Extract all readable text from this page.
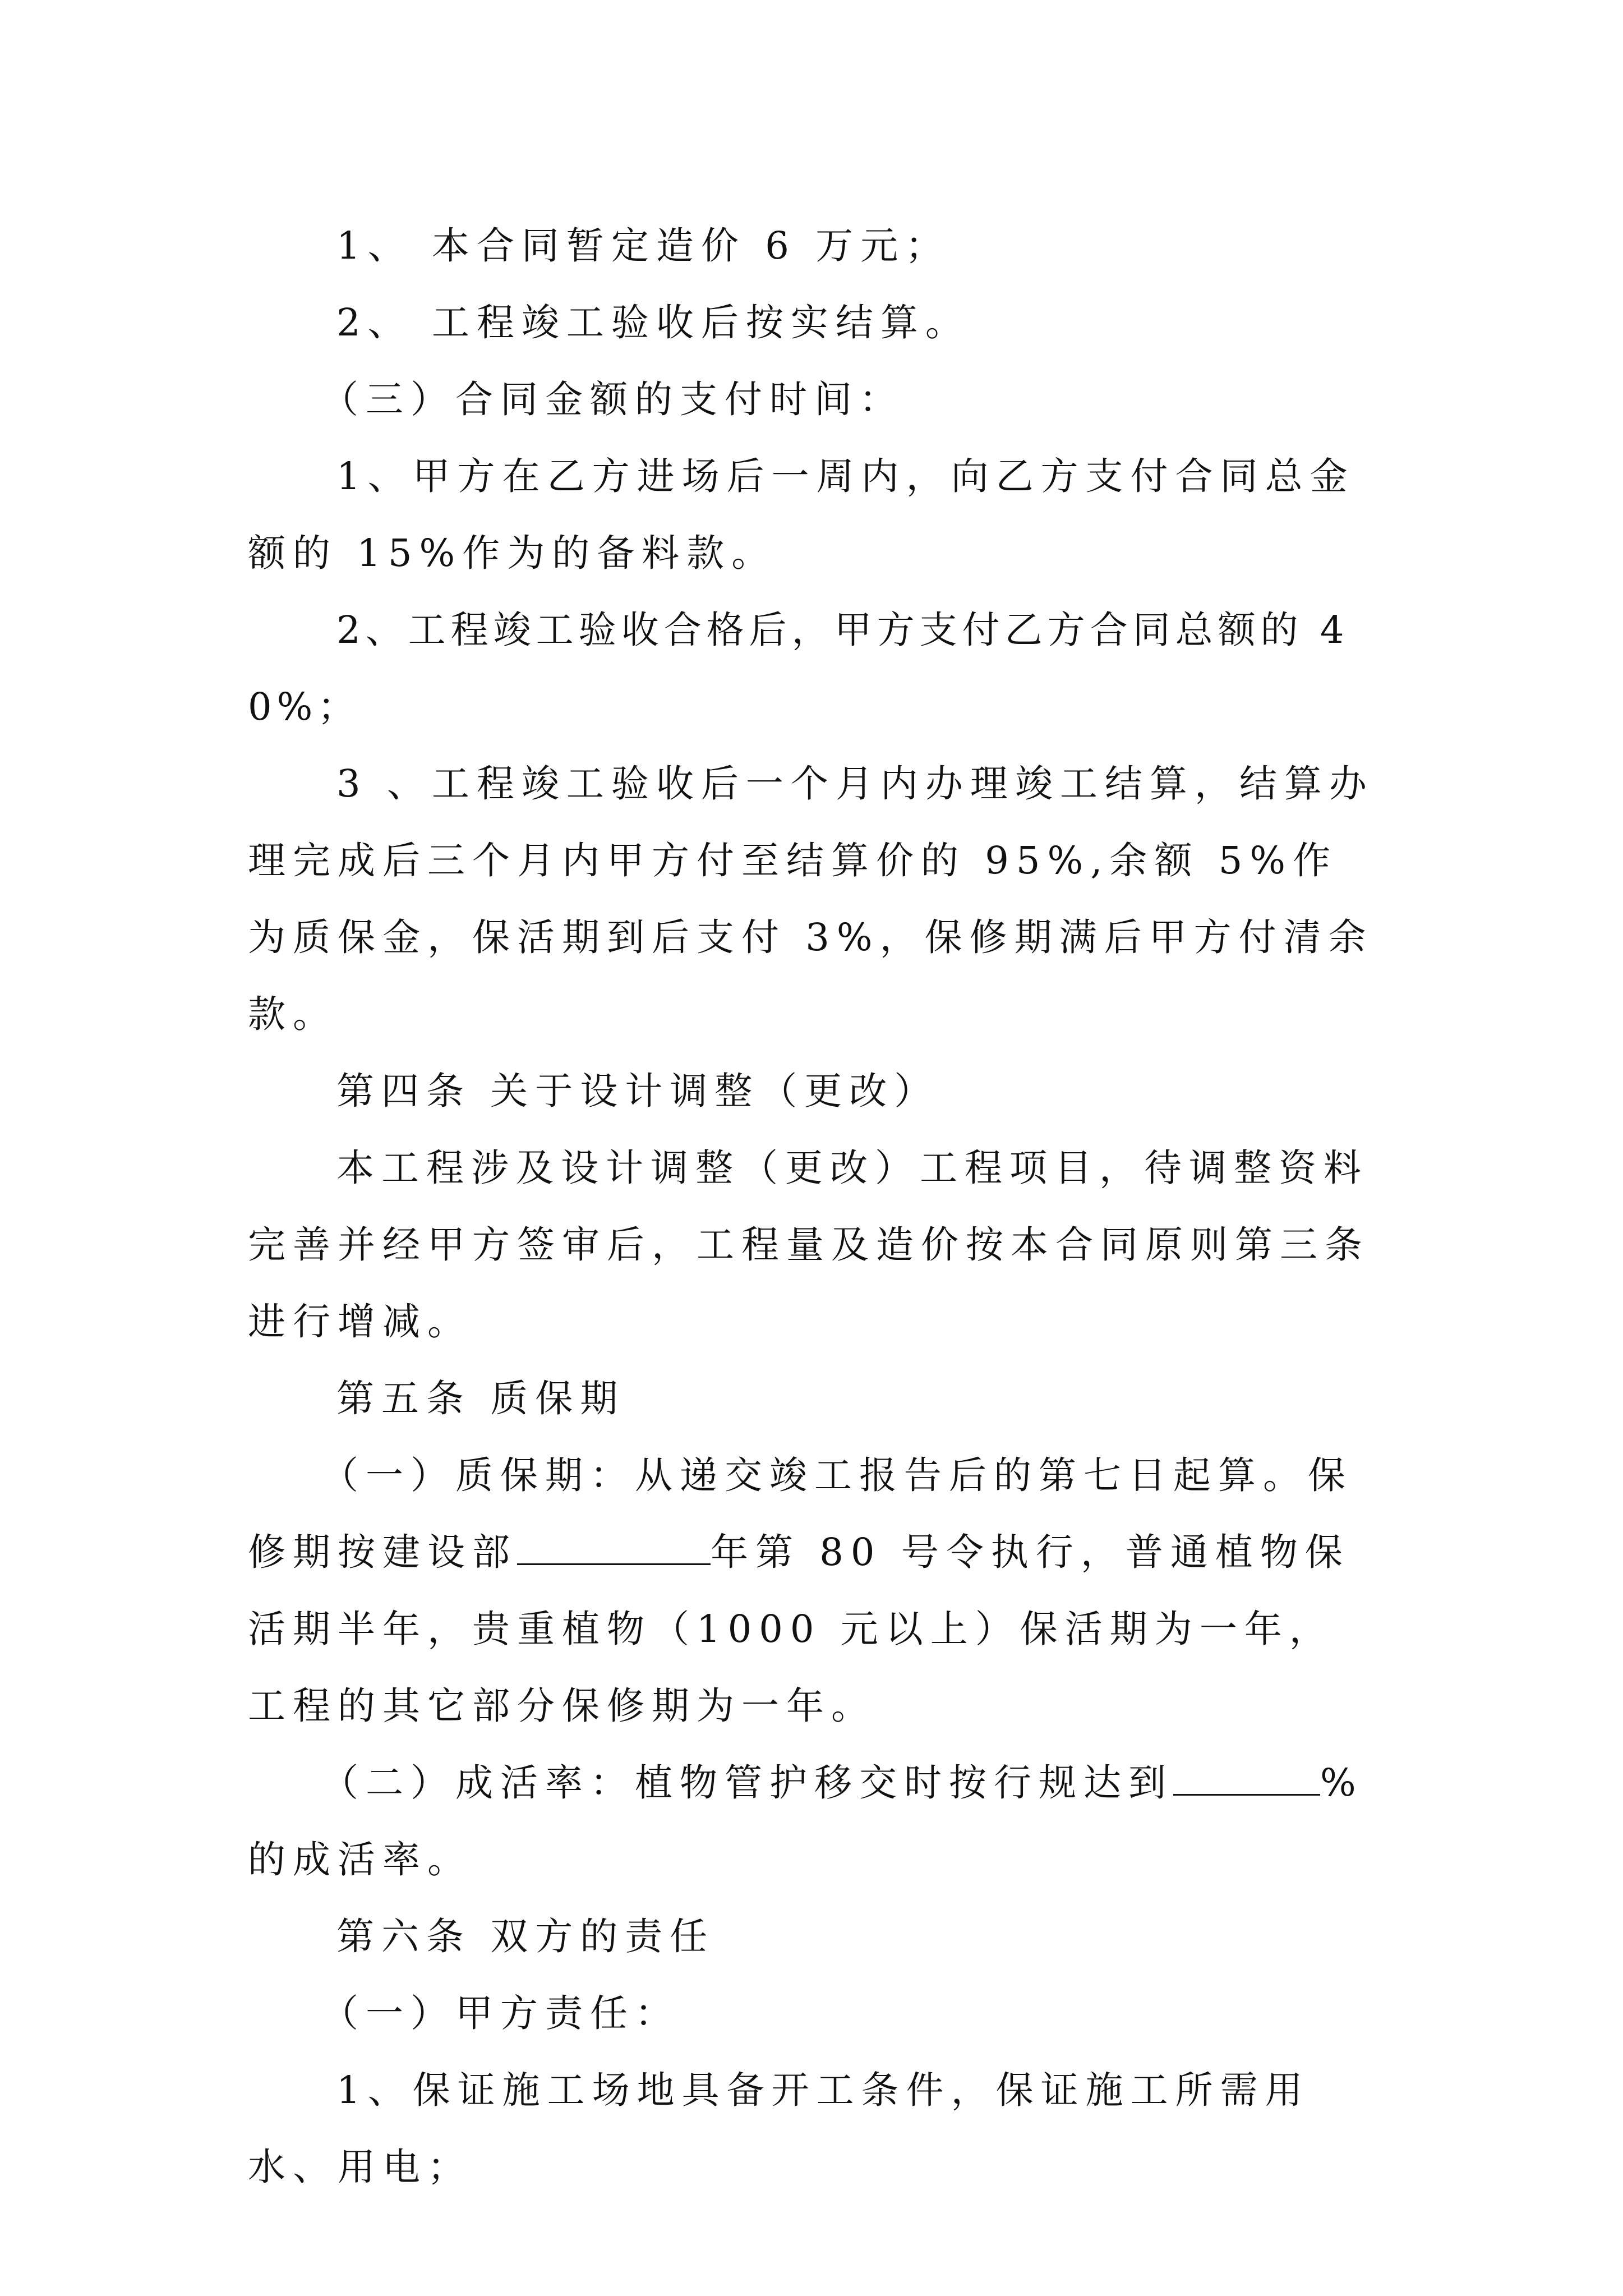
1、 本合同暂定造价 6 万元；

2、 工程竣工验收后按实结算。

（三）合同金额的支付时间：

1、甲方在乙方进场后一周内，向乙方支付合同总金额的 15%作为的备料款。

2、工程竣工验收合格后，甲方支付乙方合同总额的 40%；

3 、工程竣工验收后一个月内办理竣工结算，结算办理完成后三个月内甲方付至结算价的 95%,余额 5%作为质保金，保活期到后支付 3%，保修期满后甲方付清余款。

第四条 关于设计调整（更改）

本工程涉及设计调整（更改）工程项目，待调整资料完善并经甲方签审后，工程量及造价按本合同原则第三条进行增减。

第五条 质保期

（一）质保期：从递交竣工报告后的第七日起算。保修期按建设部	年第 80 号令执行，普通植物保活期半年，贵重植物（1000 元以上）保活期为一年，工程的其它部分保修期为一年。

（二）成活率：植物管护移交时按行规达到	%的成活率。

第六条 双方的责任

（一）甲方责任：

1、保证施工场地具备开工条件，保证施工所需用水、用电；
